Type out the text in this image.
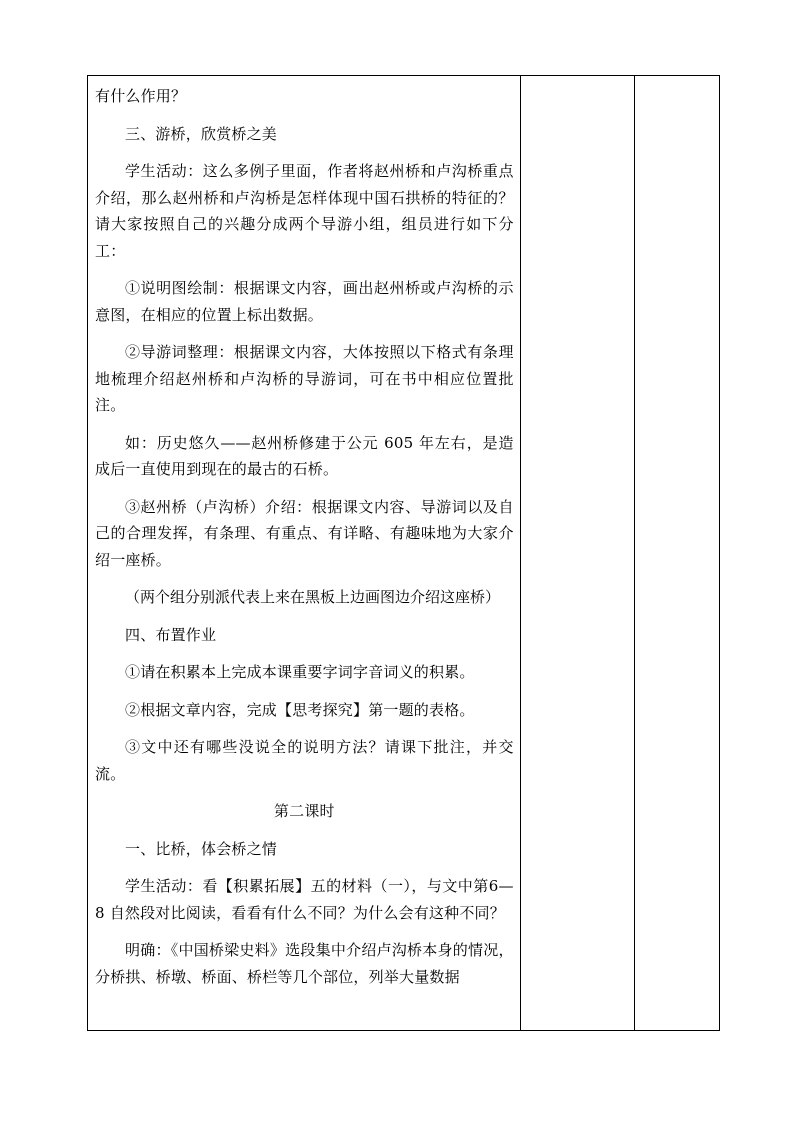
有什么作用？

三、游桥，欣赏桥之美

学生活动：这么多例子里面，作者将赵州桥和卢沟桥重点介绍，那么赵州桥和卢沟桥是怎样体现中国石拱桥的特征的？请大家按照自己的兴趣分成两个导游小组，组员进行如下分工：

①说明图绘制：根据课文内容，画出赵州桥或卢沟桥的示意图，在相应的位置上标出数据。

②导游词整理：根据课文内容，大体按照以下格式有条理地梳理介绍赵州桥和卢沟桥的导游词，可在书中相应位置批注。

如：历史悠久——赵州桥修建于公元 605 年左右，是造成后一直使用到现在的最古的石桥。

③赵州桥（卢沟桥）介绍：根据课文内容、导游词以及自己的合理发挥，有条理、有重点、有详略、有趣味地为大家介绍一座桥。

（两个组分别派代表上来在黑板上边画图边介绍这座桥）

四、布置作业

①请在积累本上完成本课重要字词字音词义的积累。

②根据文章内容，完成【思考探究】第一题的表格。

③文中还有哪些没说全的说明方法？请课下批注，并交流。

第二课时

一、比桥，体会桥之情

学生活动：看【积累拓展】五的材料（一），与文中第6—8 自然段对比阅读，看看有什么不同？为什么会有这种不同？

明确：《中国桥梁史料》选段集中介绍卢沟桥本身的情况，分桥拱、桥墩、桥面、桥栏等几个部位，列举大量数据
